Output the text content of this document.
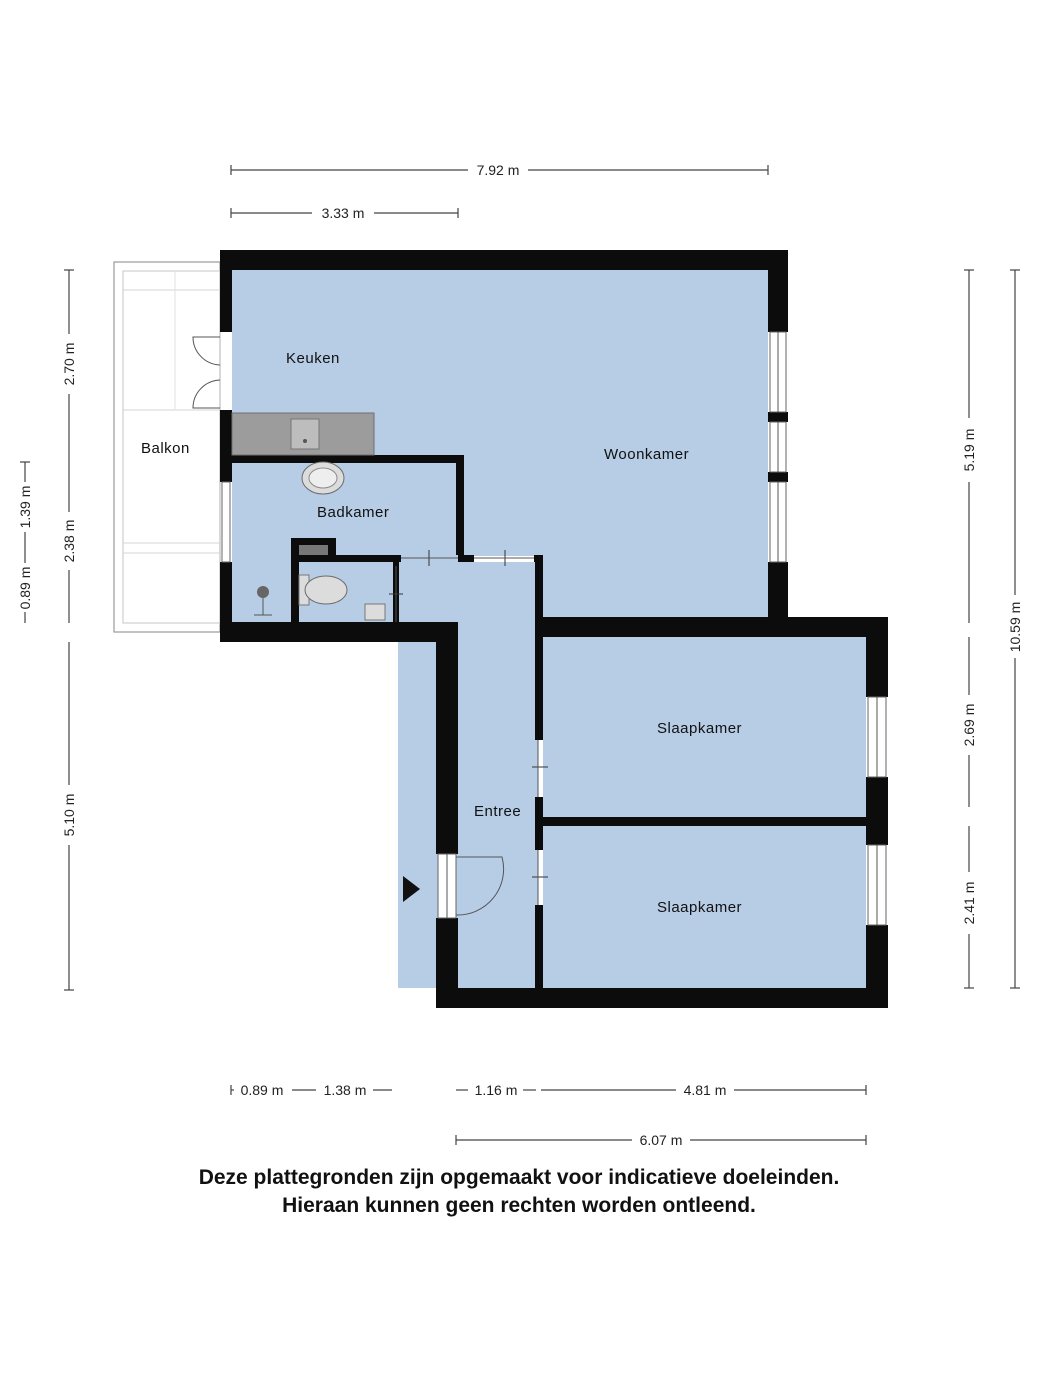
Keuken
Woonkamer
Balkon
Badkamer
Entree
Slaapkamer
Slaapkamer
7.92 m
3.33 m
2.70 m
2.38 m
5.10 m
1.39 m
0.89 m
5.19 m
2.69 m
2.41 m
10.59 m
0.89 m	1.38 m	1.16 m	4.81 m
6.07 m
Deze plattegronden zijn opgemaakt voor indicatieve doeleinden.
Hieraan kunnen geen rechten worden ontleend.
